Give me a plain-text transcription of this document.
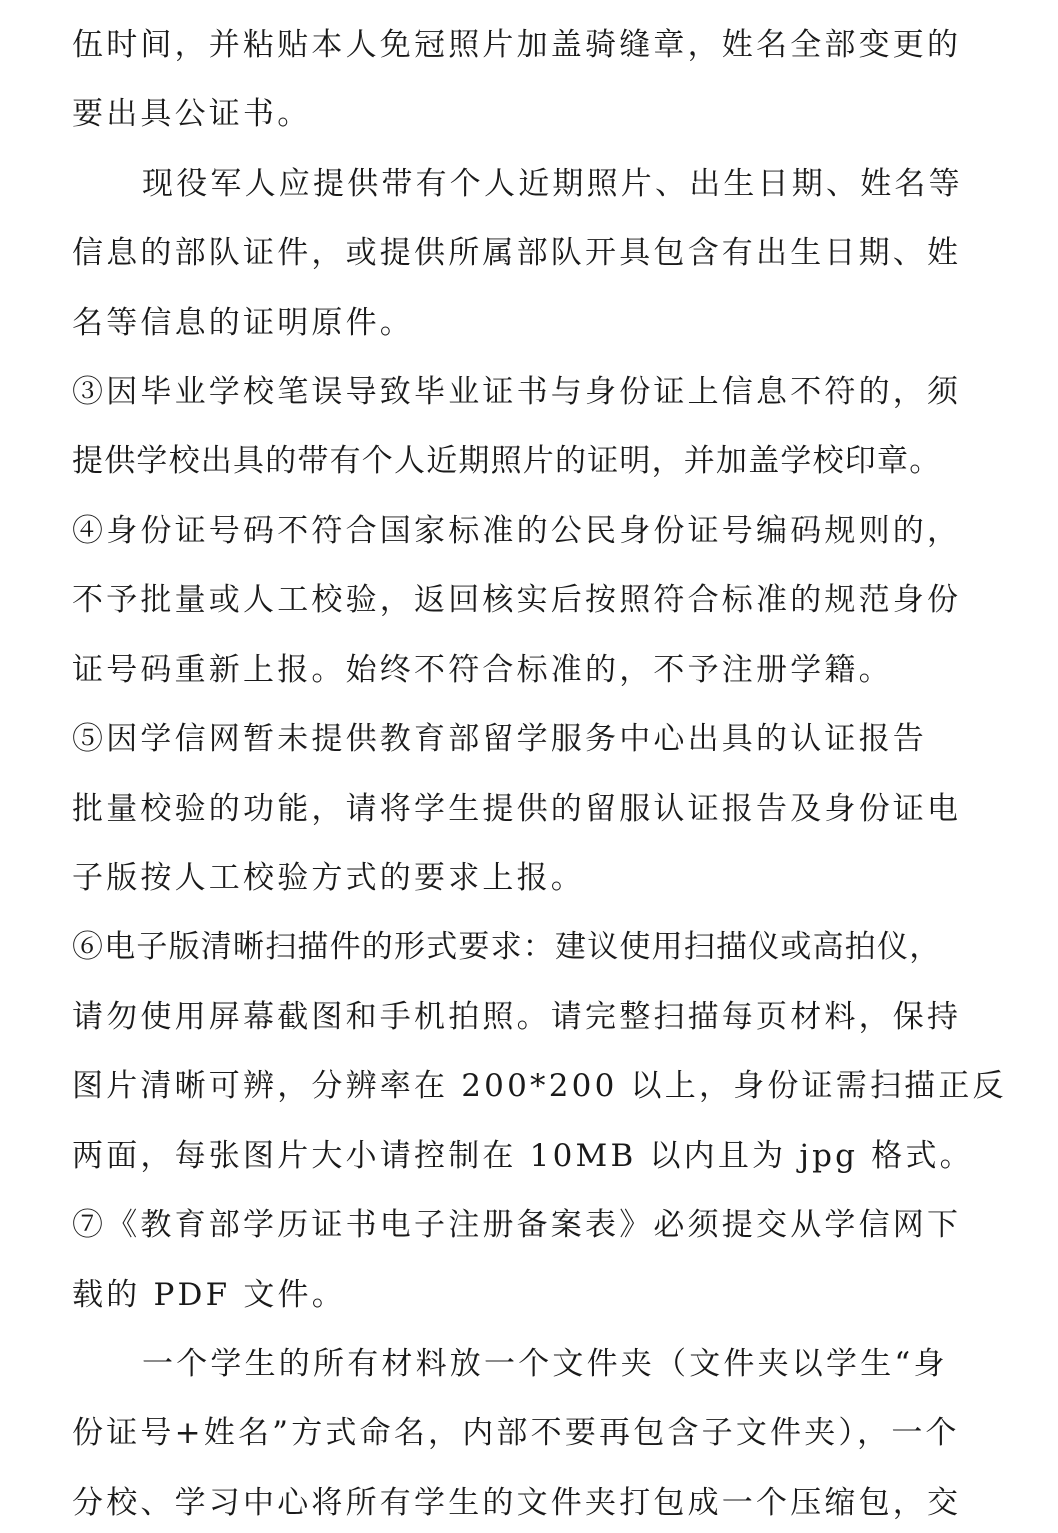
伍时间，并粘贴本人免冠照片加盖骑缝章，姓名全部变更的
要出具公证书。
现役军人应提供带有个人近期照片、出生日期、姓名等
信息的部队证件，或提供所属部队开具包含有出生日期、姓
名等信息的证明原件。
③因毕业学校笔误导致毕业证书与身份证上信息不符的，须
提供学校出具的带有个人近期照片的证明，并加盖学校印章。
④身份证号码不符合国家标准的公民身份证号编码规则的，
不予批量或人工校验，返回核实后按照符合标准的规范身份
证号码重新上报。始终不符合标准的，不予注册学籍。
⑤因学信网暂未提供教育部留学服务中心出具的认证报告
批量校验的功能，请将学生提供的留服认证报告及身份证电
子版按人工校验方式的要求上报。
⑥电子版清晰扫描件的形式要求：建议使用扫描仪或高拍仪，
请勿使用屏幕截图和手机拍照。请完整扫描每页材料，保持
图片清晰可辨，分辨率在 200*200 以上，身份证需扫描正反
两面，每张图片大小请控制在 10MB 以内且为 jpg 格式。
⑦《教育部学历证书电子注册备案表》必须提交从学信网下
载的 PDF 文件。
一个学生的所有材料放一个文件夹（文件夹以学生“身
份证号+姓名”方式命名，内部不要再包含子文件夹），一个
分校、学习中心将所有学生的文件夹打包成一个压缩包，交
